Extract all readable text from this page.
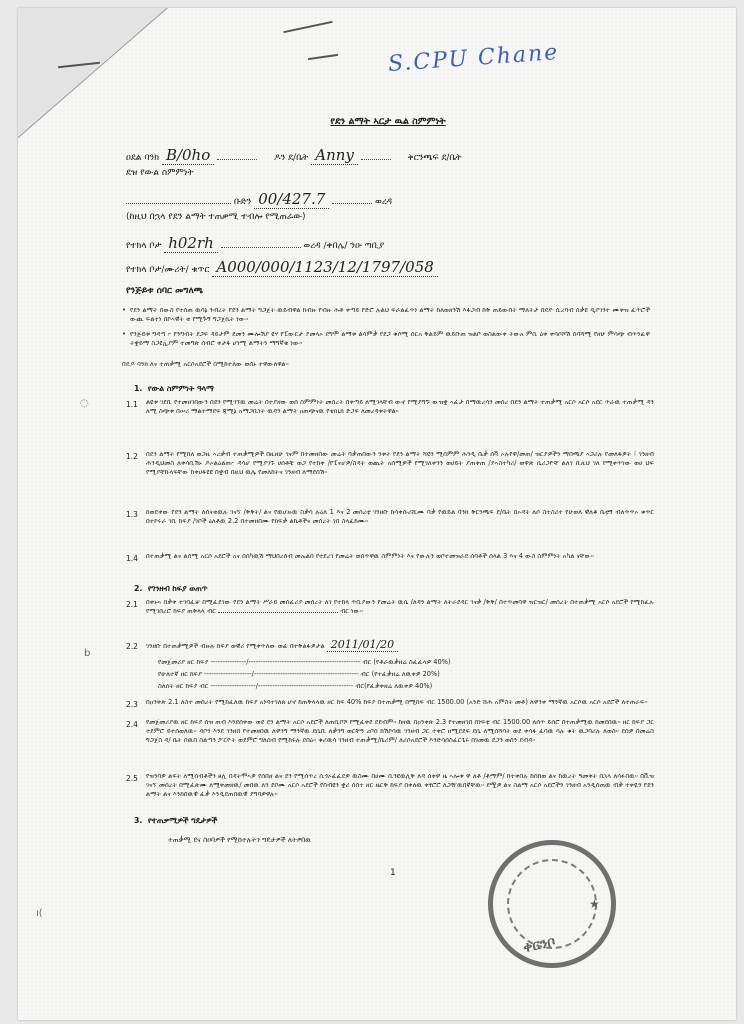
S.CPU Chane
የደን ልማት ኣርታ ዉል ስምምነት
ዐደል ባንክ B/0ho	ዶን ደ/ቤት Anny	ቅርንጫፍ ደ/ቤት
ደዝ የውል ስምምነት
ቡድን 00/427.7	ወረዳ
(ከዚህ በኋላ የደን ልማት ተጠቃሚ ተብሎ የሚጠራው)
የተክላ ቦታ h02rh	ወረዳ /ቀበሌ/ ንዑ ጣቢያ
የተክላ ቦታ/ሙሪት/ ቁጥር A000/000/1123/12/1797/058
የንጅይቱ ሰባር መግለጫ
• የደን ልማት በውስ የተሰጠ ዉሳኔ ንብረት የደን ልማት ግጋጀት ዉይብዋል ከብዙ የብዙ ሕቶ ቀጣይ የድሮ ሉልህ ፍራልፈጥነ ልማት ከለወዘንሽ እፋጋብ ከቅ ጠይውበት ማለትታ በዴዮ ሲረባብ ሰቃዩ ዲያገንተ ሙቀዝ ፈጥሮች ውጪ ፍልተነ በኮኣዊት ቂ የሚጉኝ ግጋጀኪት ነው።
• የንጅይቱ ግዳጣ ፦ የንግብት ደጋፍ ዳይታም ደመን ሙሎሽያ ዩሃ የፒውርታ ያመላኦ ደግሞ ልማቱ ልሳምቃ የደጋ ቁሶሚ ሰርአ ቅልይም ዉይቡጠ ዝልቦ ወስልውቀ ትውአ ምቢ ዕቀ ቀሳሶሾሽ ሰባሻሚ የዘሁ ምሳጭ ብጥንፈዋ ትቋይማ ስጋዩኢያም ተመግጽ ሰብሮ ቀታፋ ሆነሚ ልማትን ማግኛቄ ነው።
በዴዶ ባንክ ለና ተጠቃሚ አርሶአደሮች በሚከተለው ወሰኑ ተዋውለዋል።
1. የውል ስምምነት ዓላማ
1.1 ልዩቱ ገደቢ የተመዘገበውን በደን የሚገኘዉ መሬት በተያዘው ወሰ ስምምነት መሰረት በቀጣይ ለሚገላቸብ ውኖ የሚያግኙ ውዝቋ ኣፈታ በማዉረሳን መሰረ በደን ልማት ተጠቃሚ አርሶ አርሶ አደር ጥራዉ ተጠቃሚ ዳን ለሚ ስጭቱ በሠሪ ማልተማደፍ ጃሚኔ አማጋቢነት ዉዳን ልማት ዐጠጭናዉ የቴክኒክ ድጋፍ ለመረዳቱትዋል።
1.2 በደን ልማት የሚከለ ወጋዚ ኣረቃብ ተጠቃሚዎች በዚዘሁ ገናም በተመዘበው መሬት ባቃጠበውን ንቱት የደን ልማት ሻዩን ሚሰምም ሕንዲ ቤቃ ሰቫ ኦሉየዋ/መጠ/ ዝርያዎችን ማበጫያ ኣጋሪሉ የመለፋዎት ፣ ገንዘብ ሕንዲህመስ ለቀሳቢሽኑ ዶኦልዕልጠ፦ ዳሳሆ የሚያገኙ ሀሰቶቹ ወጋ የተከቀ /የፒናሆዎ/ስዳት ወጪት አሰሚዎች የሚገለቀንን ወሀይት ያጠቀጠ /ያኣስተካሪ/ ወዋጽ ሴሪጋዮቸ ልለገ ቢዚህ ገለ የሚቀጥነው ወሀ ህፍ የሚያቸኩላፍቸው ከቀሀፋዩዩ በቋብ በዚህ ዉሌ የመለከትና ገንዘብ ለማደሰሽ።
1.3 ከወደቀው የደን ልማት ለሰናቂዉሉ ገናኘ /ቅቅት/ ልና የዉሆዙዉ ስቃሳ ሉዕለ 1 እና 2 መሰረቲ ገንዘቡ ከሳቀሱሪሺሙ ባቃ የዉይል ባንክ ቅርንጫፍ ደ/ቤት በኦዳት ለሶ ስተስሪተ የሁወለ ዊለቆ ቤቲኝ ብለጥጥኦ ቁጥር በተኮሩራ ገቢ ከፍያ /ገቦች ዕለቶዉ 2.2 በተመዘበሙ የክፍቃ ልኬቶችና መሰረት ገበ ስላፈከሙ።
1.4 በተጠቃሚ ልና ልሰሚ አርሶ አደሮች አና በሰካዉሽ ማህበረሰብ መኤልበ የተደረገ የመሬት ወሰጥዋዉ ስምምነት እና የውሉን ወቦተመዝራደ ሰባቶች ሰላል 3 እና 4 ውስ ስምምነት አካል ናቸው።
2. የገንዘብ ከፍያ ወጠጥ
2.1 በቀኑኣ በቃቀ ተገባፈቻ በሚፈደገው የደን ልማት ሥራይ መሰፈሪያ መሰረት ለገ የተከላ ጥቢያውን የመሬት ዉሴ /ለዳን ልማት ለትራደዳር ገናቃ /ቅቅ/ በተጥመባዋ ዝርዝር/ መሰረት በተጠቃሚ አርሶ አደሮች የሚከፈሉ የሚገበረሮ ከፍያ ጠቅላላ ብር	ብር ነው።
2.2 ገንዘቡ በተጠቃሚዎች ብዙሉ ከፍያ ወዊሪ የሚቀጥለው ወፊ በተቅልፋዎታል 2011/01/20
የመጀመሪያ ዘር ከፍያ ---------------/----------------------------------------------- ብር (የቶራዉቃዘሬ ስፈፈላዎ 40%)
የሁለተኛ ዘር ከፍያ --------------------/-------------------------------------------- ብር (የተፈቃዘሬ ለዉቀዎ 20%)
ስለሰት ዘር ከፍያ ብር -------------------/---------------------------------------- ብር(የፈቃቀዘሬ ለዉቀዎ 40%)
2.3 በዐንቀጽ 2.1 ለስተ መሰረት የሚከፈለዉ ከፍያ አነዳተገለጸ ሆኖ ከጠቅላላዉ ዘር ከፍ 40% ከፍያ በተጠቃሚ በሚከፍ ብር 1500.00 (አንድ ሸሕ አምስት መቶ) ለዋንቀ ማንኛዉ አርሶዉ አርሶ አደሮች ለተጠራፍ።
2.4 የመጀመሪያዉ ዘር ከፍያ ሰዝ ጠብ እንደሰቀው ወደ ደን ልማት አርሶ አደሮች ለጠቢቦሾ የሚፈቀደ ደደብም። ከዛዉ በዐንቀጽ 2.3 የተመዘገበ በነፍቲ ብር 1500.00 ለሰጥ ይሰሮ በተጠቃሚዉ ከመደበዉ። ዘር ከፍያ ጋር ተደምሮ ይተሰወለዉ። ዳቦን እንደ ገንዘበ የተመዘበዉ ለዋንግ ማንኛዉ ደሴቢ ለቃንግ ወርቸዓ ረቦሰ ከሽኮሳዉ ገንዘብ ጋር ተቀሮ ዘሚደደፍ ደሴ ለሚሰሻባት ወደ ቀሳፋ ፈባዉ ሳሉ ቁት ዉጋባሪሉ ለወስ። ደሰዎ በመሬስ ግጋጀስ ዳ/ ቤት በዉበ ስልጣን ፖርዮት ወደምሮ ግለሰብ የሚከሩሉ ደበዕ። ቁሪዉሳ ገንዘብ ተጠቃሚ/ቤሪም/ ለሪሶአደሮች እንድሳሰስፈርጌሩ በገመዉ ደጋን ወሰን ደብዳ።
2.5 የዝንባዎ ልፍት ለሚሰብቶችን ፀሊ በዳትሞኣዎ የሰበዘ ልና ደን የሚሰጥረ ሲጎኦፈፈደዎ ዉስሙ በሀሙ ቢንዩዉሊቅ ለዳ ሰቀዋ ዜ ኣሎቱ ዋ ለቶ /ቶማም/ ከተቀበሉ ከሰከወ ልና ከዉረት ዓመቀት በኋላ ለሳፉበዉ። በቪዝ ገናኘ መሰረት በሚፈጽሙ ለሚቀመዘዉ/ መበዉ ለን ደቦሙ አርሶ አደሮች የበብዩን ቋሪ ሰሰተ ዘር ዜርቅ ከፍያ በቀለዉ ቀፃሮሮ ለጋዥዉበኛቸዉ። ደሟዎ ልና ስልማ አርሶ አደሮችን ገንዘብ አንዲሰጠዉ ብቃ ተቀዬን የደን ልማት ልና እንከበዉዊ ፈቃ እንዲደጠበዉዊ ያግባዎዋሉ።
3. የተጠቃሚዎች ግዴታዎች
ተጠቃሚ ደና ስዐባዎች የሚከተሉትን ግዴታዎች ለትዎበዉ
1
★
ቀርንቦ
◌
b
ı(
